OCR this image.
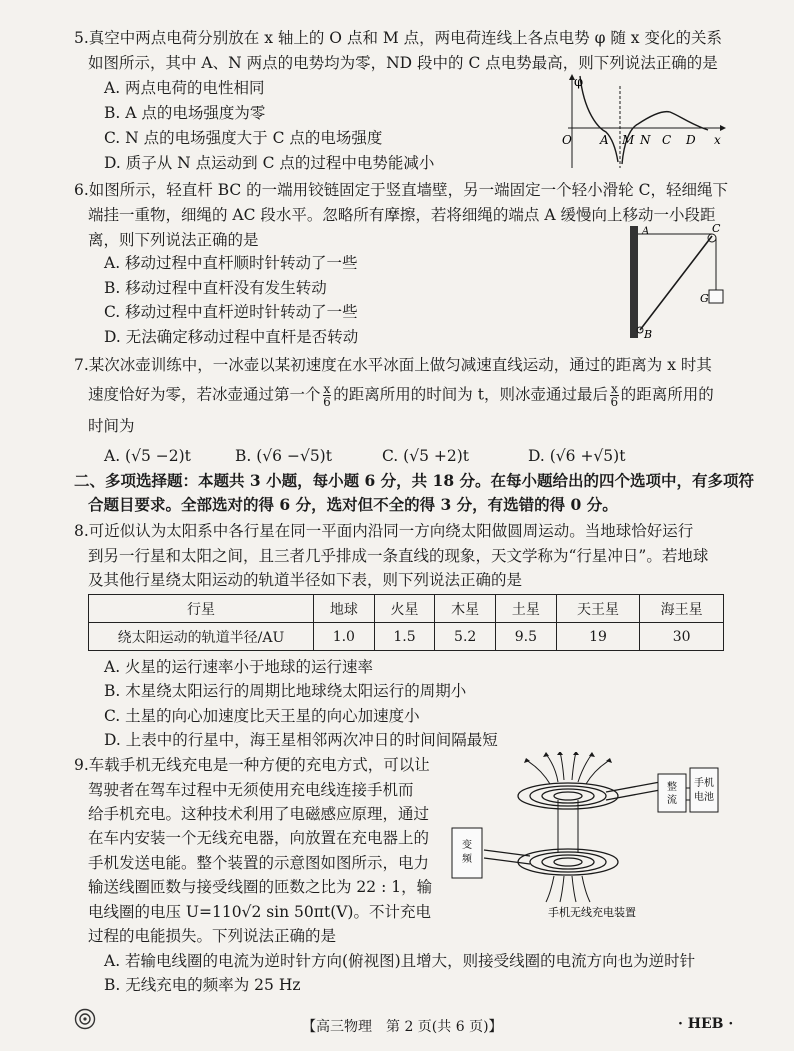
5.真空中两点电荷分别放在 x 轴上的 O 点和 M 点，两电荷连线上各点电势 φ 随 x 变化的关系
如图所示，其中 A、N 两点的电势均为零，ND 段中的 C 点电势最高，则下列说法正确的是
A. 两点电荷的电性相同
B. A 点的电场强度为零
C. N 点的电场强度大于 C 点的电场强度
D. 质子从 N 点运动到 C 点的过程中电势能减小
φ
O A M N C D x
6.如图所示，轻直杆 BC 的一端用铰链固定于竖直墙壁，另一端固定一个轻小滑轮 C，轻细绳下
端挂一重物，细绳的 AC 段水平。忽略所有摩擦，若将细绳的端点 A 缓慢向上移动一小段距
离，则下列说法正确的是
A. 移动过程中直杆顺时针转动了一些
B. 移动过程中直杆没有发生转动
C. 移动过程中直杆逆时针转动了一些
D. 无法确定移动过程中直杆是否转动
A	C
G
B
7.某次冰壶训练中，一冰壶以某初速度在水平冰面上做匀减速直线运动，通过的距离为 x 时其
速度恰好为零，若冰壶通过第一个 $\frac{x}{6}$ 的距离所用的时间为 t，则冰壶通过最后 $\frac{x}{6}$ 的距离所用的
时间为
A. (√5 −2)t	B. (√6 −√5)t	C. (√5 +2)t	D. (√6 +√5)t
二、多项选择题：本题共 3 小题，每小题 6 分，共 18 分。在每小题给出的四个选项中，有多项符
合题目要求。全部选对的得 6 分，选对但不全的得 3 分，有选错的得 0 分。
8.可近似认为太阳系中各行星在同一平面内沿同一方向绕太阳做圆周运动。当地球恰好运行
到另一行星和太阳之间，且三者几乎排成一条直线的现象，天文学称为“行星冲日”。若地球
及其他行星绕太阳运动的轨道半径如下表，则下列说法正确的是
行星	地球	火星	木星	土星	天王星	海王星
绕太阳运动的轨道半径/AU	1.0	1.5	5.2	9.5	19	30
A. 火星的运行速率小于地球的运行速率
B. 木星绕太阳运行的周期比地球绕太阳运行的周期小
C. 土星的向心加速度比天王星的向心加速度小
D. 上表中的行星中，海王星相邻两次冲日的时间间隔最短
9.车载手机无线充电是一种方便的充电方式，可以让
驾驶者在驾车过程中无须使用充电线连接手机而
给手机充电。这种技术利用了电磁感应原理，通过
在车内安装一个无线充电器，向放置在充电器上的
手机发送电能。整个装置的示意图如图所示，电力
输送线圈匝数与接受线圈的匝数之比为 22 : 1，输
电线圈的电压 U=110√2 sin 50πt(V)。不计充电
过程的电能损失。下列说法正确的是
A. 若输电线圈的电流为逆时针方向(俯视图)且增大，则接受线圈的电流方向也为逆时针
B. 无线充电的频率为 25 Hz
整
流
手机
电池
变
频
手机无线充电装置
【高三物理　第 2 页(共 6 页)】	· HEB ·
